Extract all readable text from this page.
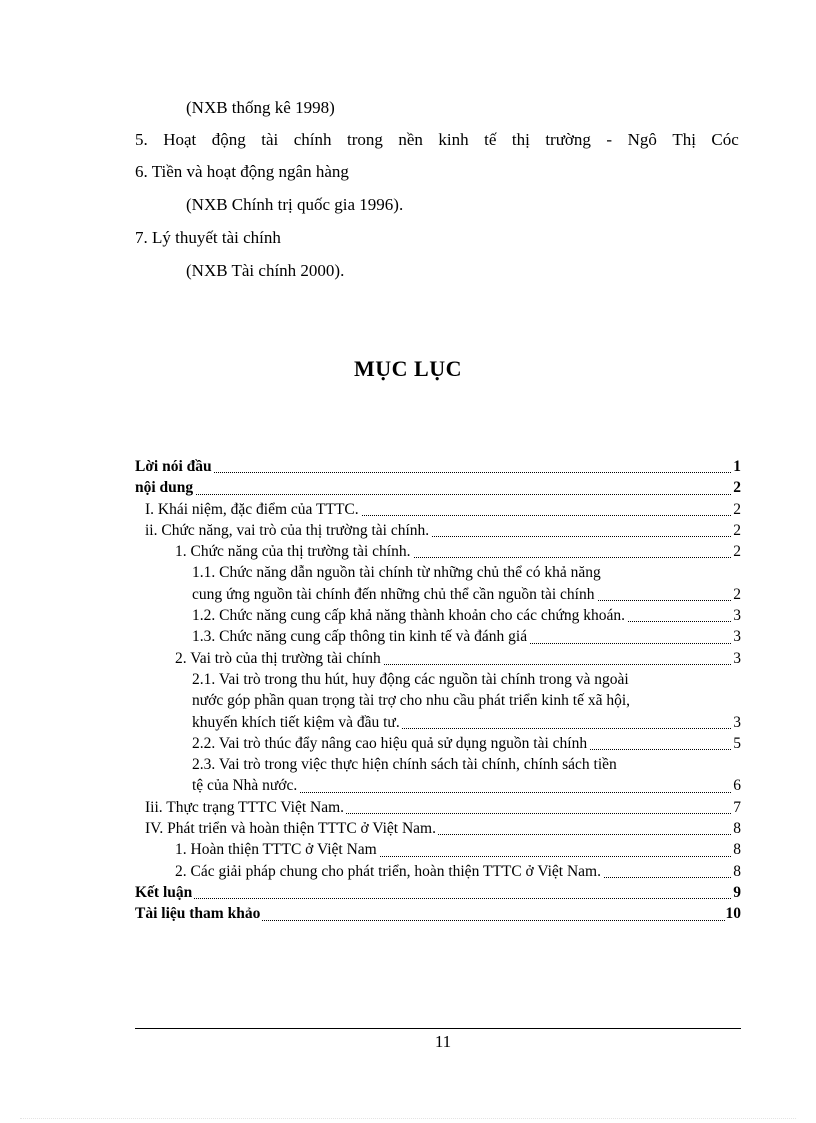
(NXB thống kê 1998)
5. Hoạt động tài chính trong nền kinh tế thị trường - Ngô Thị Cóc
6. Tiền và hoạt động ngân hàng
(NXB Chính trị quốc gia 1996).
7. Lý thuyết tài chính
(NXB Tài chính 2000).
MỤC LỤC
Lời nói đầu	1
nội dung	2
I. Khái niệm, đặc điểm của TTTC.	2
ii. Chức năng, vai trò của thị trường tài chính.	2
1. Chức năng của thị trường tài chính.	2
1.1. Chức năng dẫn nguồn tài chính từ những chủ thể có khả năng
cung ứng nguồn tài chính đến những chủ thể cần nguồn tài chính	2
1.2. Chức năng cung cấp khả năng thành khoản cho các chứng khoán.	3
1.3. Chức năng cung cấp thông tin kinh tế và đánh giá	3
2. Vai trò của thị trường tài chính	3
2.1. Vai trò trong thu hút, huy động các nguồn tài chính trong và ngoài
nước góp phần quan trọng tài trợ cho nhu cầu phát triển kinh tế xã hội,
khuyến khích tiết kiệm và đầu tư.	3
2.2. Vai trò thúc đẩy nâng cao hiệu quả sử dụng nguồn tài chính	5
2.3. Vai trò trong việc thực hiện chính sách tài chính, chính sách tiền
tệ của Nhà nước.	6
Iii. Thực trạng TTTC Việt Nam.	7
IV. Phát triển và hoàn thiện TTTC ở Việt Nam.	8
1. Hoàn thiện TTTC ở Việt Nam	8
2. Các giải pháp chung cho phát triển, hoàn thiện TTTC ở Việt Nam.	8
Kết luận	9
Tài liệu tham khảo	10
11
